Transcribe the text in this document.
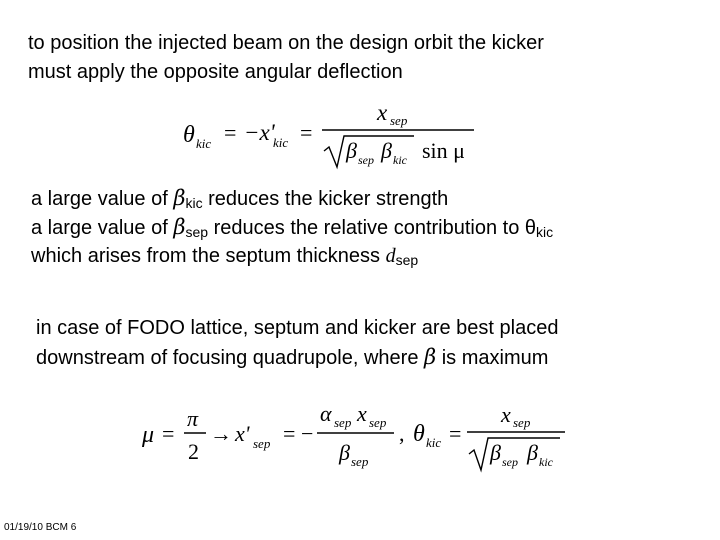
to position the injected beam on the design orbit the kicker
must apply the opposite angular deflection
θ kic = −x'
kic =
x sep
β sep β kic sin μ
a large value of $\beta_{kic}$ reduces the kicker strength
a large value of $\beta_{sep}$ reduces the relative contribution to $\theta_{kic}$
which arises from the septum thickness $d_{sep}$
in case of FODO lattice, septum and kicker are best placed
downstream of focusing quadrupole, where β is maximum
μ =
π
2
→ x' sep = −
α sep x sep
β sep
, θ kic =
x sep
β sep β kic
01/19/10 BCM 6
